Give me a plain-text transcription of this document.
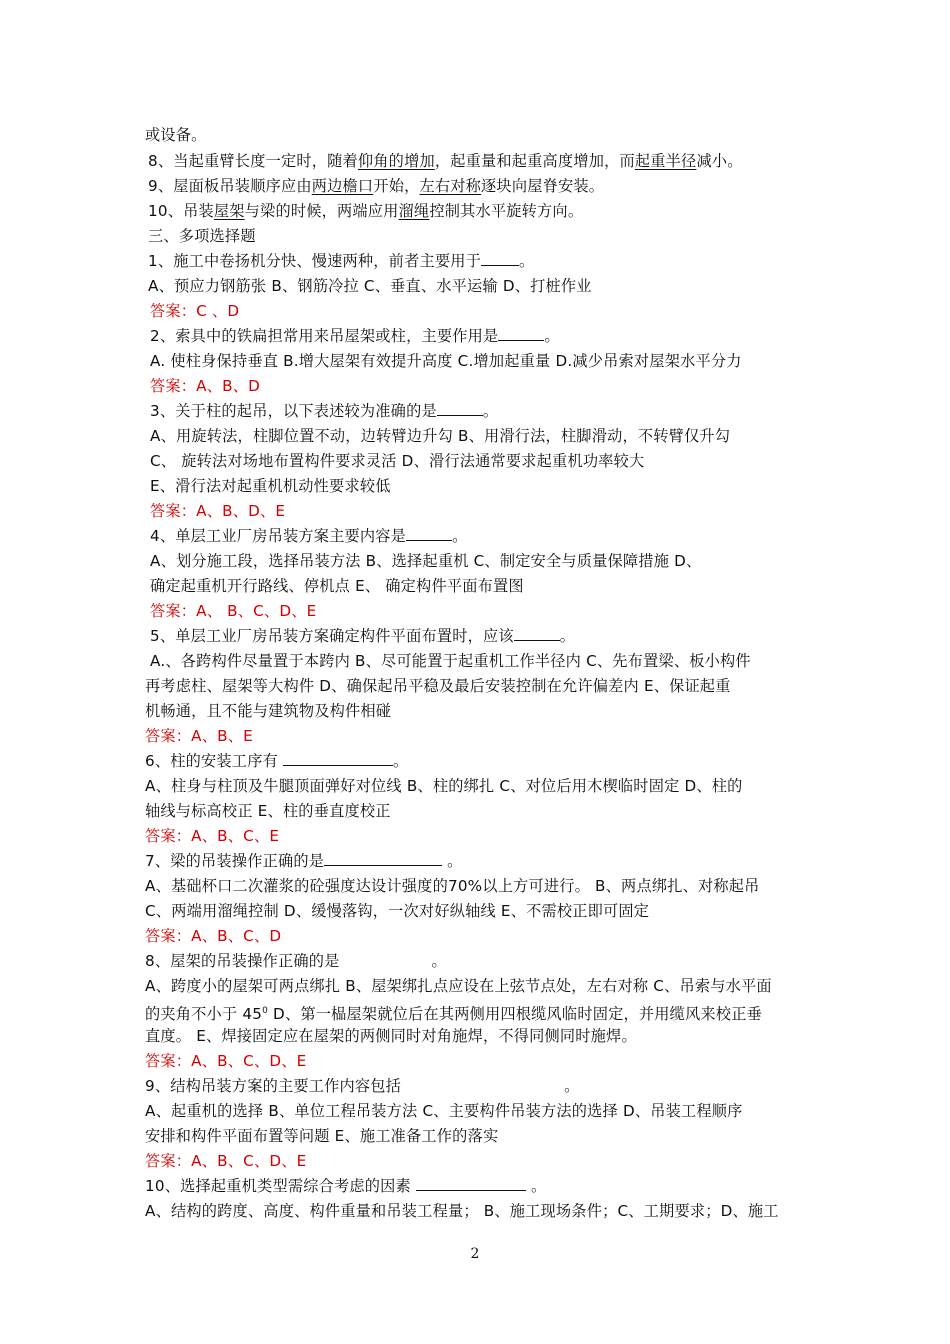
或设备。
8、当起重臂长度一定时，随着仰角的增加，起重量和起重高度增加，而起重半径减小。
9、屋面板吊装顺序应由两边檐口开始，左右对称逐块向屋脊安装。
10、吊装屋架与梁的时候，两端应用溜绳控制其水平旋转方向。
三、多项选择题
1、施工中卷扬机分快、慢速两种，前者主要用于	。
A、预应力钢筋张 B、钢筋冷拉 C、垂直、水平运输 D、打桩作业
答案：C 、D
2、索具中的铁扁担常用来吊屋架或柱，主要作用是	。
A. 使柱身保持垂直 B.增大屋架有效提升高度 C.增加起重量 D.减少吊索对屋架水平分力
答案：A、B、D
3、关于柱的起吊，以下表述较为准确的是	。
A、用旋转法，柱脚位置不动，边转臂边升勾 B、用滑行法，柱脚滑动，不转臂仅升勾
C、 旋转法对场地布置构件要求灵活 D、滑行法通常要求起重机功率较大
E、滑行法对起重机机动性要求较低
答案：A、B、D、E
4、单层工业厂房吊装方案主要内容是	。
A、划分施工段，选择吊装方法 B、选择起重机 C、制定安全与质量保障措施 D、
确定起重机开行路线、停机点 E、 确定构件平面布置图
答案：A、 B、C、D、E
5、单层工业厂房吊装方案确定构件平面布置时，应该	。
A.、各跨构件尽量置于本跨内 B、尽可能置于起重机工作半径内 C、先布置梁、板小构件
再考虑柱、屋架等大构件 D、确保起吊平稳及最后安装控制在允许偏差内 E、保证起重
机畅通，且不能与建筑物及构件相碰
答案：A、B、E
6、柱的安装工序有	。
A、柱身与柱顶及牛腿顶面弹好对位线 B、柱的绑扎 C、对位后用木楔临时固定 D、柱的
轴线与标高校正 E、柱的垂直度校正
答案：A、B、C、E
7、梁的吊装操作正确的是	。
A、基础杯口二次灌浆的砼强度达设计强度的70%以上方可进行。 B、两点绑扎、对称起吊
C、两端用溜绳控制 D、缓慢落钩，一次对好纵轴线 E、不需校正即可固定
答案：A、B、C、D
8、屋架的吊装操作正确的是	。
A、跨度小的屋架可两点绑扎 B、屋架绑扎点应设在上弦节点处，左右对称 C、吊索与水平面
的夹角不小于 $45^0$ D、第一榀屋架就位后在其两侧用四根缆风临时固定，并用缆风来校正垂
直度。 E、焊接固定应在屋架的两侧同时对角施焊，不得同侧同时施焊。
答案：A、B、C、D、E
9、结构吊装方案的主要工作内容包括	。
A、起重机的选择 B、单位工程吊装方法 C、主要构件吊装方法的选择 D、吊装工程顺序
安排和构件平面布置等问题 E、施工准备工作的落实
答案：A、B、C、D、E
10、选择起重机类型需综合考虑的因素	。
A、结构的跨度、高度、构件重量和吊装工程量； B、施工现场条件；C、工期要求；D、施工
2
